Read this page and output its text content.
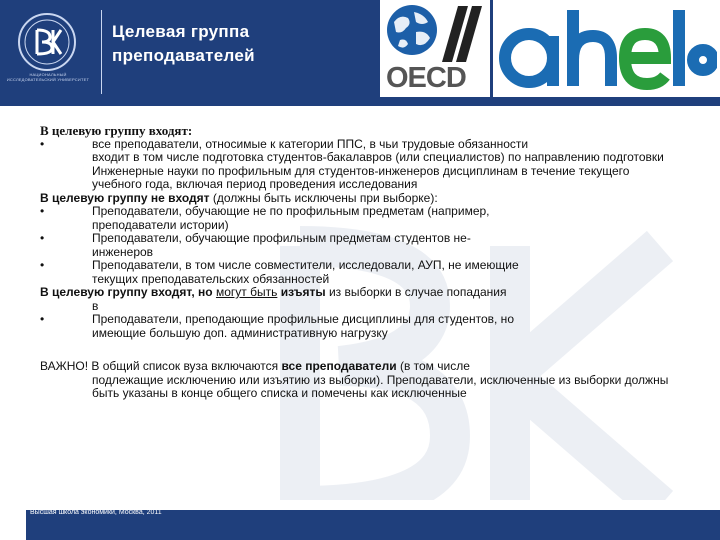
НАЦИОНАЛЬНЫЙ ИССЛЕДОВАТЕЛЬСКИЙ УНИВЕРСИТЕТ
Целевая группа
преподавателей
OECD

В целевую группу входят:

•	все преподаватели, относимые к категории ППС, в чьи трудовые обязанности

входит в том числе подготовка студентов-бакалавров (или специалистов) по направлению подготовки Инженерные науки по профильным для студентов-инженеров дисциплинам в течение текущего учебного года, включая период проведения исследования

В целевую группу не входят (должны быть исключены при выборке):

•	Преподаватели, обучающие не по профильным предметам (например,

преподаватели истории)

•	Преподаватели, обучающие профильным предметам студентов не-

инженеров

•	Преподаватели, в том числе совместители, исследовали, АУП, не имеющие

текущих преподавательских обязанностей

В целевую группу входят, но могут быть изъяты из выборки в случае попадания

в

•	Преподаватели, преподающие профильные дисциплины для студентов, но

имеющие большую доп. административную нагрузку

ВАЖНО! В общий список вуза включаются все преподаватели (в том числе

подлежащие исключению или изъятию из выборки). Преподаватели, исключенные из выборки должны быть указаны в конце общего списка и помечены как исключенные
Высшая школа экономики, Москва, 2011
